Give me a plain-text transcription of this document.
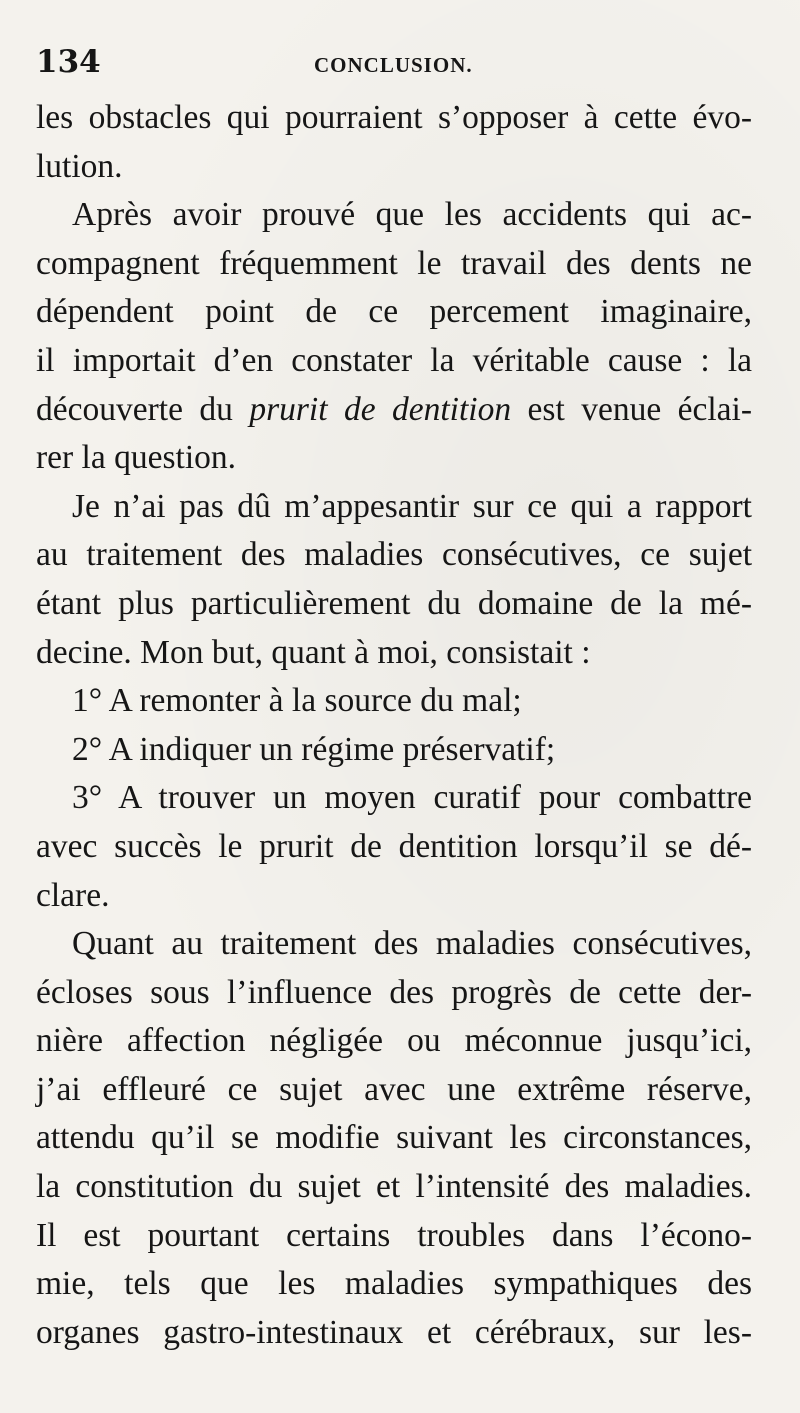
134	CONCLUSION.
les obstacles qui pourraient s’opposer à cette évo-
lution.
Après avoir prouvé que les accidents qui ac-
compagnent fréquemment le travail des dents ne
dépendent point de ce percement imaginaire,
il importait d’en constater la véritable cause : la
découverte du prurit de dentition est venue éclai-
rer la question.
Je n’ai pas dû m’appesantir sur ce qui a rapport
au traitement des maladies consécutives, ce sujet
étant plus particulièrement du domaine de la mé-
decine. Mon but, quant à moi, consistait :
1° A remonter à la source du mal;
2° A indiquer un régime préservatif;
3° A trouver un moyen curatif pour combattre
avec succès le prurit de dentition lorsqu’il se dé-
clare.
Quant au traitement des maladies consécutives,
écloses sous l’influence des progrès de cette der-
nière affection négligée ou méconnue jusqu’ici,
j’ai effleuré ce sujet avec une extrême réserve,
attendu qu’il se modifie suivant les circonstances,
la constitution du sujet et l’intensité des maladies.
Il est pourtant certains troubles dans l’écono-
mie, tels que les maladies sympathiques des
organes gastro-intestinaux et cérébraux, sur les-
